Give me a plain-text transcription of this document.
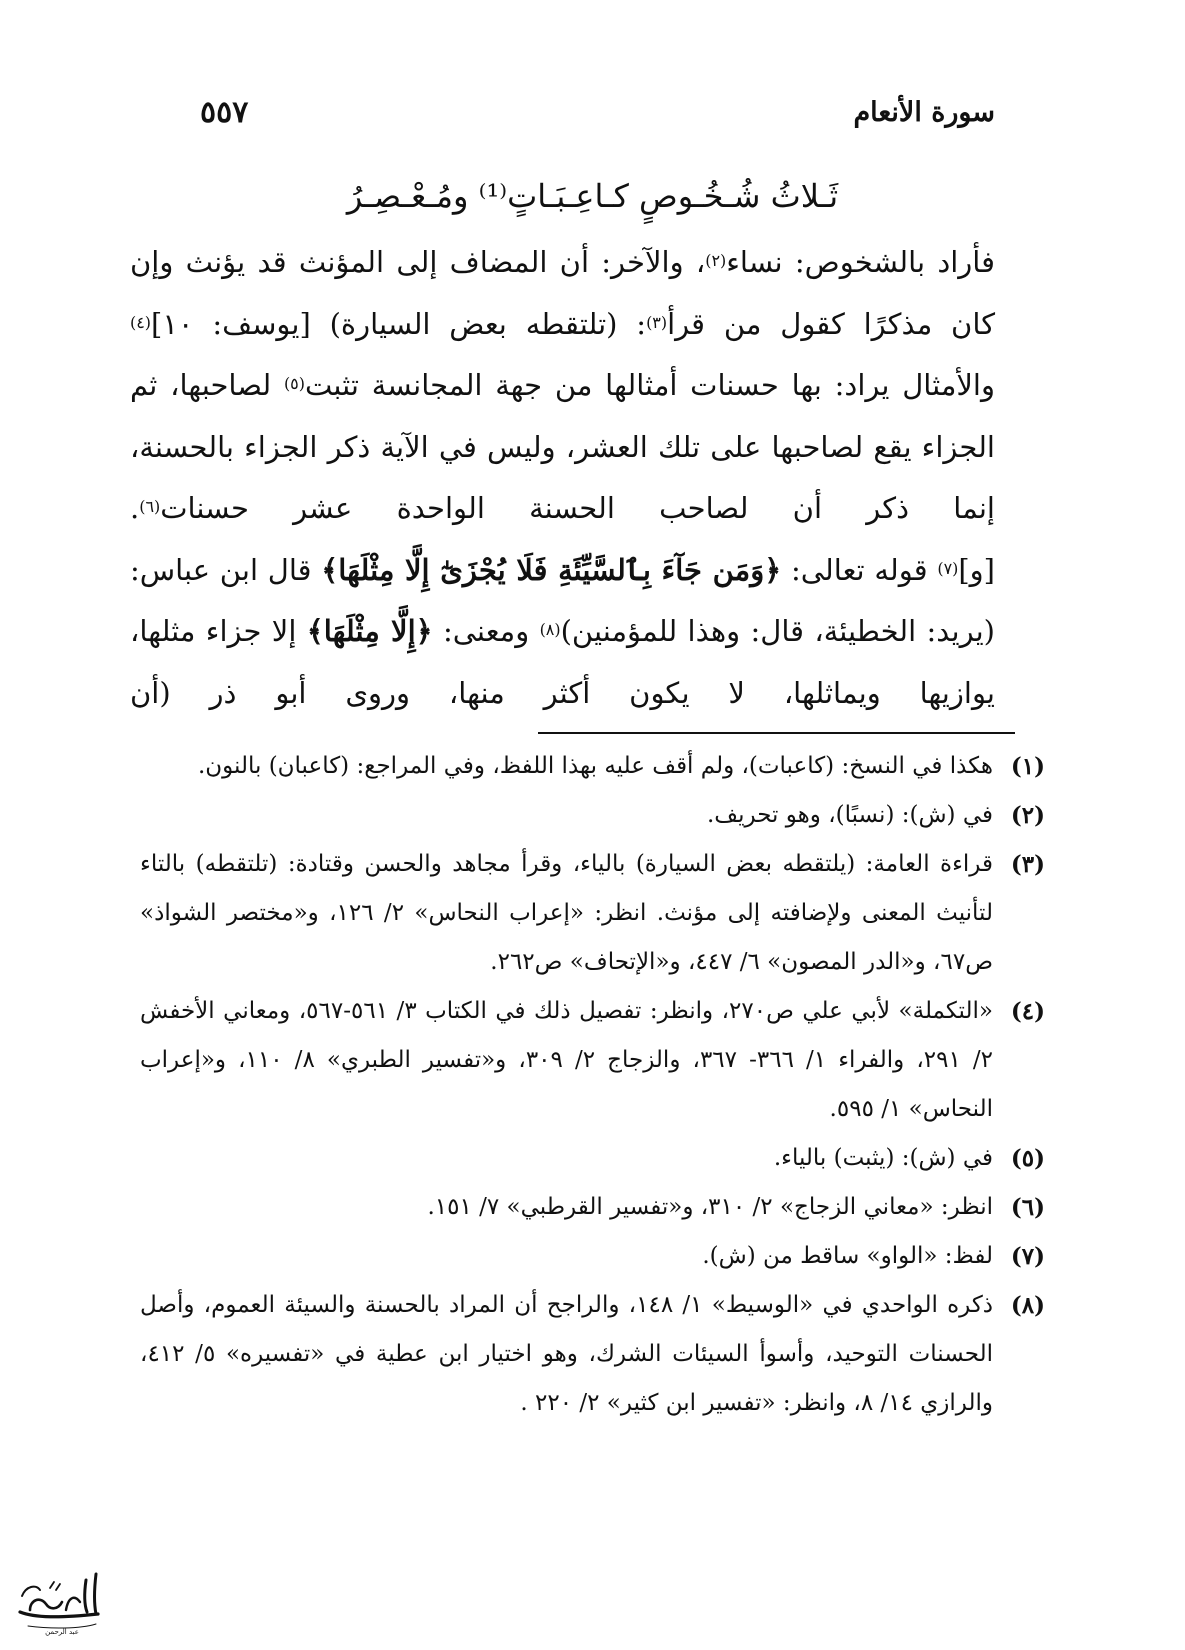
سورة الأنعام
٥٥٧
ثَـلاثُ شُـخُـوصٍ كـاعِـبَـاتٍ⁽¹⁾ ومُـعْـصِـرُ

فأراد بالشخوص: نساء$^{(٢)}$، والآخر: أن المضاف إلى المؤنث قد يؤنث وإن كان مذكرًا كقول من قرأ$^{(٣)}$: (تلتقطه بعض السيارة) [يوسف: ١٠]$^{(٤)}$ والأمثال يراد: بها حسنات أمثالها من جهة المجانسة تثبت$^{(٥)}$ لصاحبها، ثم الجزاء يقع لصاحبها على تلك العشر، وليس في الآية ذكر الجزاء بالحسنة، إنما ذكر أن لصاحب الحسنة الواحدة عشر حسنات$^{(٦)}$.

[و]$^{(٧)}$ قوله تعالى: ﴿وَمَن جَآءَ بِٱلسَّيِّئَةِ فَلَا يُجْزَىٰٓ إِلَّا مِثْلَهَا﴾ قال ابن عباس: (يريد: الخطيئة، قال: وهذا للمؤمنين)$^{(٨)}$ ومعنى: ﴿إِلَّا مِثْلَهَا﴾ إلا جزاء مثلها، يوازيها ويماثلها، لا يكون أكثر منها، وروى أبو ذر (أن

(١)
هكذا في النسخ: (كاعبات)، ولم أقف عليه بهذا اللفظ، وفي المراجع: (كاعبان) بالنون.
(٢)
في (ش): (نسبًا)، وهو تحريف.
(٣)
قراءة العامة: (يلتقطه بعض السيارة) بالياء، وقرأ مجاهد والحسن وقتادة: (تلتقطه) بالتاء لتأنيث المعنى ولإضافته إلى مؤنث. انظر: «إعراب النحاس» ٢/ ١٢٦، و«مختصر الشواذ» ص٦٧، و«الدر المصون» ٦/ ٤٤٧، و«الإتحاف» ص٢٦٢.
(٤)
«التكملة» لأبي علي ص٢٧٠، وانظر: تفصيل ذلك في الكتاب ٣/ ٥٦١-٥٦٧، ومعاني الأخفش ٢/ ٢٩١، والفراء ١/ ٣٦٦- ٣٦٧، والزجاج ٢/ ٣٠٩، و«تفسير الطبري» ٨/ ١١٠، و«إعراب النحاس» ١/ ٥٩٥.
(٥)
في (ش): (يثبت) بالياء.
(٦)
انظر: «معاني الزجاج» ٢/ ٣١٠، و«تفسير القرطبي» ٧/ ١٥١.
(٧)
لفظ: «الواو» ساقط من (ش).
(٨)
ذكره الواحدي في «الوسيط» ١/ ١٤٨، والراجح أن المراد بالحسنة والسيئة العموم، وأصل الحسنات التوحيد، وأسوأ السيئات الشرك، وهو اختيار ابن عطية في «تفسيره» ٥/ ٤١٢، والرازي ١٤/ ٨، وانظر: «تفسير ابن كثير» ٢/ ٢٢٠ .
عبد الرحمن
